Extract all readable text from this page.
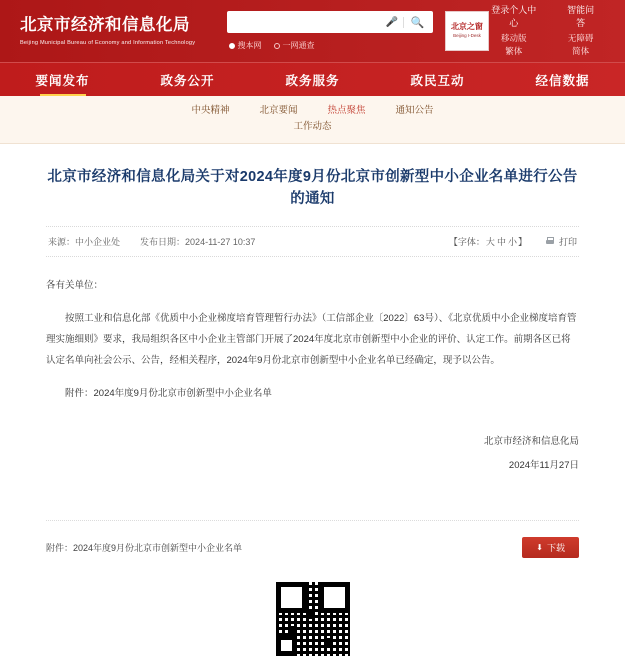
北京市经济和信息化局
Beijing Municipal Bureau of Economy and Information Technology
🎤 🔍
搜本网	一网通查
北京之窗
Beijing I-Desk
登录个人中心
移动版
繁体
智能问答
无障碍
简体
要闻发布	政务公开	政务服务	政民互动	经信数据
中央精神	北京要闻	热点聚焦	通知公告
工作动态
北京市经济和信息化局关于对2024年度9月份北京市创新型中小企业名单进行公告的通知
来源：中小企业处 发布日期：2024-11-27 10:37	【字体：大 中 小】	打印

各有关单位：

按照工业和信息化部《优质中小企业梯度培育管理暂行办法》（工信部企业〔2022〕63号）、《北京优质中小企业梯度培育管理实施细则》要求，我局组织各区中小企业主管部门开展了2024年度北京市创新型中小企业的评价、认定工作。前期各区已将认定名单向社会公示、公告，经相关程序，2024年9月份北京市创新型中小企业名单已经确定，现予以公告。

附件：2024年度9月份北京市创新型中小企业名单

北京市经济和信息化局
2024年11月27日
附件：2024年度9月份北京市创新型中小企业名单	⬇ 下载
